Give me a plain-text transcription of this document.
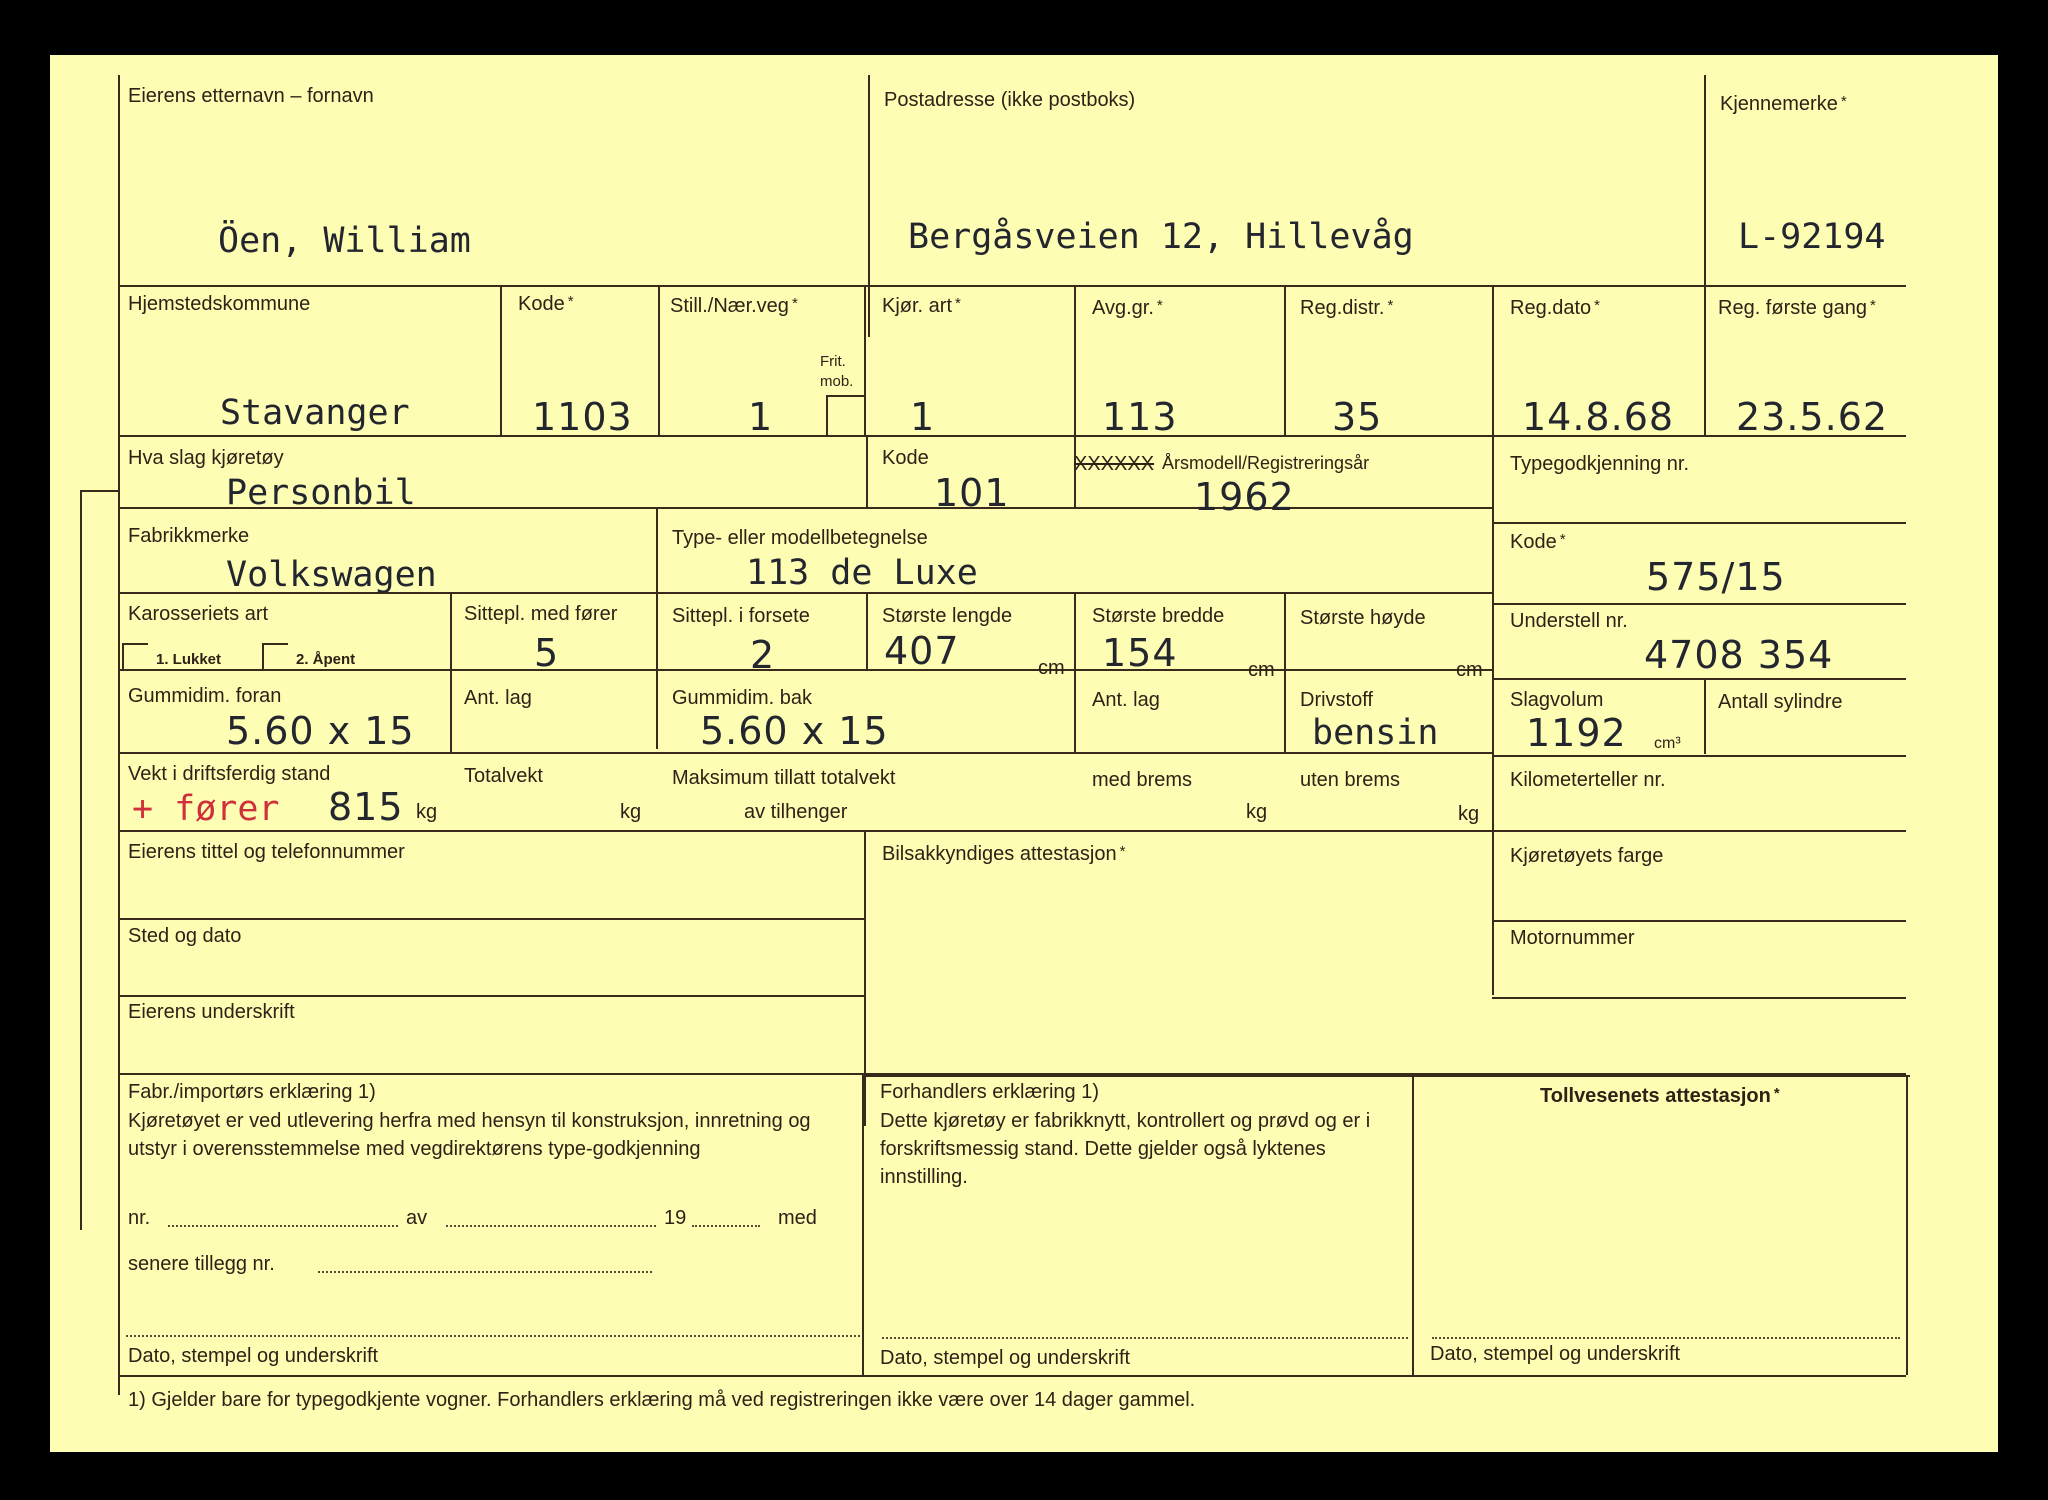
Eierens etternavn – fornavn
Öen, William
Postadresse (ikke postboks)
Bergåsveien 12, Hillevåg
Kjennemerke *
L-92194
Hjemstedskommune
Stavanger
Kode *
1103
Still./Nær.veg *
1
Frit.
mob.
Kjør. art *
1
Avg.gr. *
113
Reg.distr. *
35
Reg.dato *
14.8.68
Reg. første gang *
23.5.62
Hva slag kjøretøy
Personbil
Kode
101
XXXXXX Årsmodell/Registreringsår
1962
Typegodkjenning nr.
Fabrikkmerke
Volkswagen
Type- eller modellbetegnelse
113 de Luxe
Kode *
575/15
Karosseriets art
1. Lukket	2. Åpent
Sittepl. med fører
5
Sittepl. i forsete
2
Største lengde
407	cm
Største bredde
154	cm
Største høyde
cm
Understell nr.
4708 354
Gummidim. foran
5.60 x 15
Ant. lag	Gummidim. bak
5.60 x 15
Ant. lag	Drivstoff
bensin
Slagvolum
1192 cm³
Antall sylindre
Vekt i driftsferdig stand
+ fører 815 kg
Totalvekt
kg
Maksimum tillatt totalvekt
av tilhenger
med brems
kg
uten brems
kg
Kilometerteller nr.
Eierens tittel og telefonnummer	Bilsakkyndiges attestasjon *	Kjøretøyets farge
Sted og dato	Motornummer
Eierens underskrift
Fabr./importørs erklæring 1)
Kjøretøyet er ved utlevering herfra med hensyn til konstruksjon, innretning og utstyr i overensstemmelse med vegdirektørens type-godkjenning
nr.	av	19	med
senere tillegg nr.
Dato, stempel og underskrift
Forhandlers erklæring 1)
Dette kjøretøy er fabrikknytt, kontrollert og prøvd og er i forskriftsmessig stand. Dette gjelder også lyktenes innstilling.
Dato, stempel og underskrift
Tollvesenets attestasjon *
Dato, stempel og underskrift
1) Gjelder bare for typegodkjente vogner. Forhandlers erklæring må ved registreringen ikke være over 14 dager gammel.
